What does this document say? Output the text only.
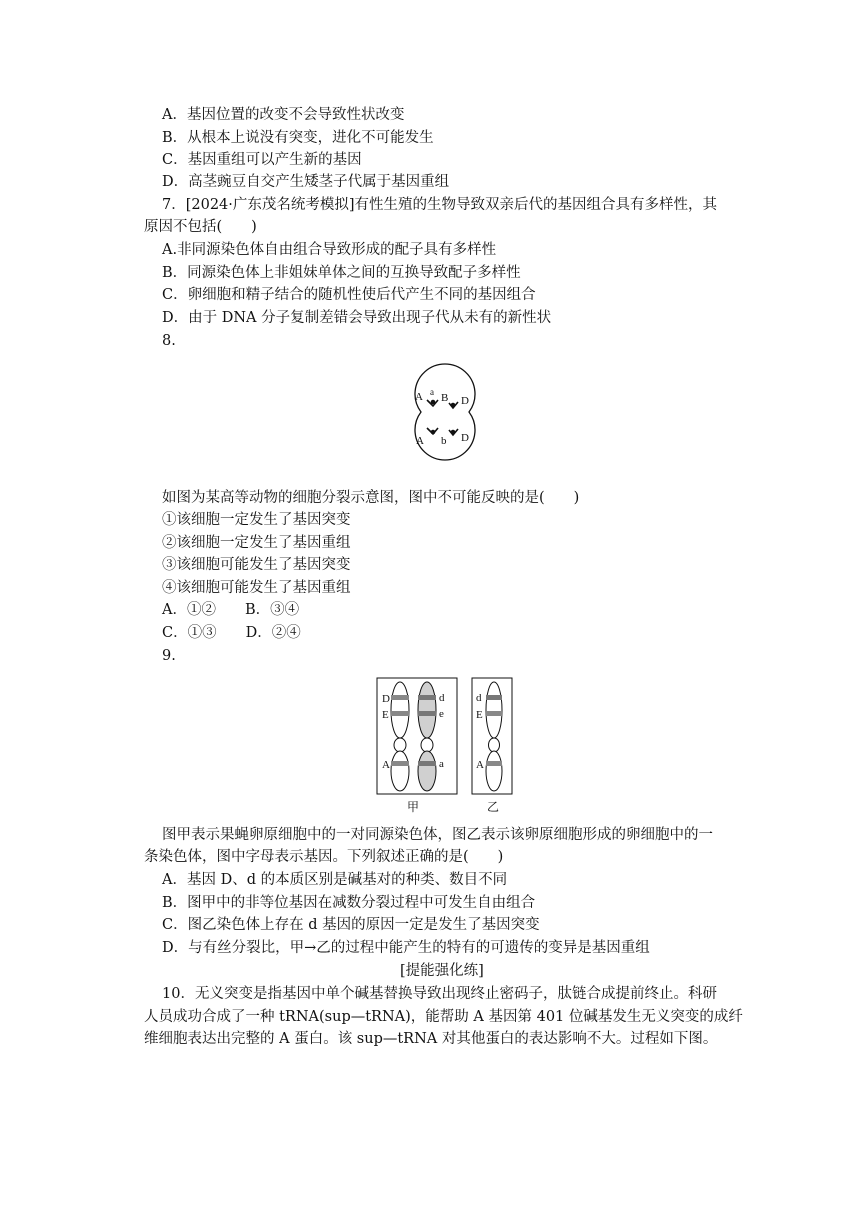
A．基因位置的改变不会导致性状改变
B．从根本上说没有突变，进化不可能发生
C．基因重组可以产生新的基因
D．高茎豌豆自交产生矮茎子代属于基因重组
7．[2024·广东茂名统考模拟]有性生殖的生物导致双亲后代的基因组合具有多样性，其
原因不包括(　　)
A.非同源染色体自由组合导致形成的配子具有多样性
B．同源染色体上非姐妹单体之间的互换导致配子多样性
C．卵细胞和精子结合的随机性使后代产生不同的基因组合
D．由于 DNA 分子复制差错会导致出现子代从未有的新性状
8.
A a B D
A b D
如图为某高等动物的细胞分裂示意图，图中不可能反映的是(　　)
①该细胞一定发生了基因突变
②该细胞一定发生了基因重组
③该细胞可能发生了基因突变
④该细胞可能发生了基因重组
A．①②　　B．③④
C．①③　　D．②④
9.
D
E
A
d
e
a
d
E
A
甲	乙
图甲表示果蝇卵原细胞中的一对同源染色体，图乙表示该卵原细胞形成的卵细胞中的一
条染色体，图中字母表示基因。下列叙述正确的是(　　)
A．基因 D、d 的本质区别是碱基对的种类、数目不同
B．图甲中的非等位基因在减数分裂过程中可发生自由组合
C．图乙染色体上存在 d 基因的原因一定是发生了基因突变
D．与有丝分裂比，甲→乙的过程中能产生的特有的可遗传的变异是基因重组
[提能强化练]
10．无义突变是指基因中单个碱基替换导致出现终止密码子，肽链合成提前终止。科研
人员成功合成了一种 tRNA(sup—tRNA)，能帮助 A 基因第 401 位碱基发生无义突变的成纤
维细胞表达出完整的 A 蛋白。该 sup—tRNA 对其他蛋白的表达影响不大。过程如下图。
